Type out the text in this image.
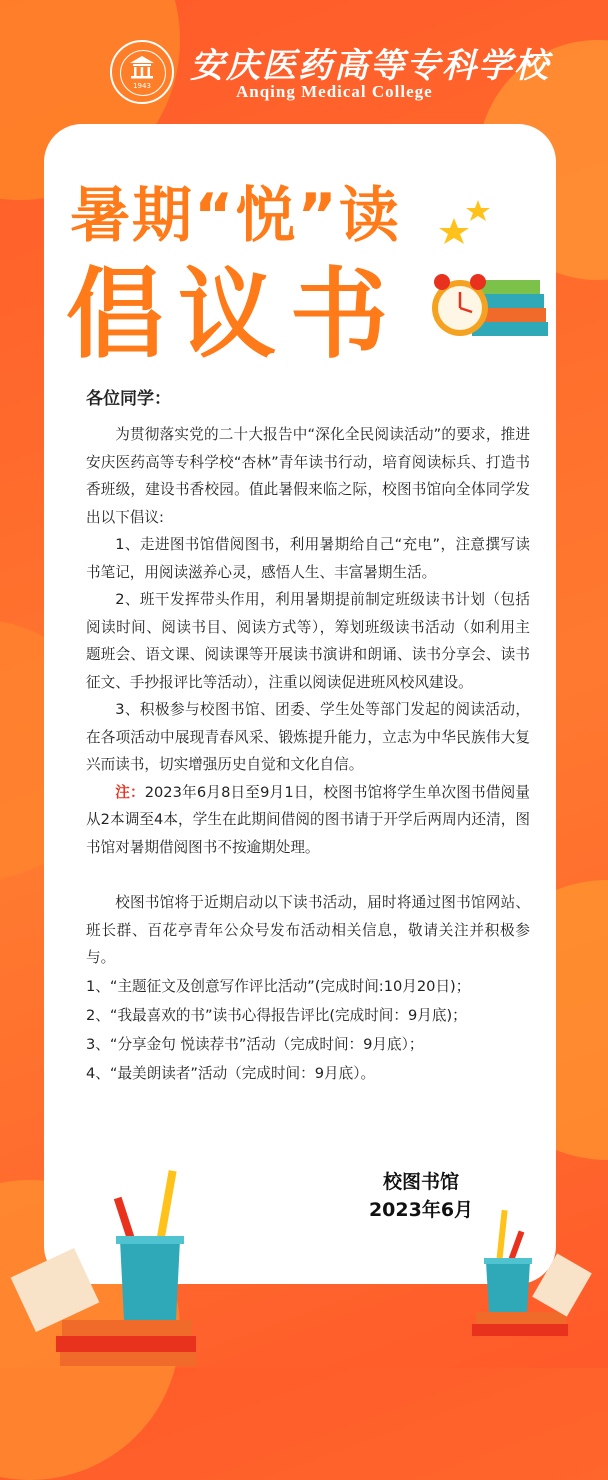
1943	安庆医药高等专科学校
Anqing Medical College
暑期“悦”读
倡议书

各位同学：

为贯彻落实党的二十大报告中“深化全民阅读活动”的要求，推进安庆医药高等专科学校“杏林”青年读书行动，培育阅读标兵、打造书香班级，建设书香校园。值此暑假来临之际，校图书馆向全体同学发出以下倡议:

1、走进图书馆借阅图书，利用暑期给自己“充电”，注意撰写读书笔记，用阅读滋养心灵，感悟人生、丰富暑期生活。

2、班干发挥带头作用，利用暑期提前制定班级读书计划（包括阅读时间、阅读书目、阅读方式等），筹划班级读书活动（如利用主题班会、语文课、阅读课等开展读书演讲和朗诵、读书分享会、读书征文、手抄报评比等活动），注重以阅读促进班风校风建设。

3、积极参与校图书馆、团委、学生处等部门发起的阅读活动，在各项活动中展现青春风采、锻炼提升能力，立志为中华民族伟大复兴而读书，切实增强历史自觉和文化自信。

注：2023年6月8日至9月1日，校图书馆将学生单次图书借阅量从2本调至4本，学生在此期间借阅的图书请于开学后两周内还清，图书馆对暑期借阅图书不按逾期处理。

校图书馆将于近期启动以下读书活动，届时将通过图书馆网站、班长群、百花亭青年公众号发布活动相关信息，敬请关注并积极参与。

1、“主题征文及创意写作评比活动”(完成时间:10月20日)；

2、“我最喜欢的书”读书心得报告评比(完成时间：9月底)；

3、“分享金句 悦读荐书”活动（完成时间：9月底）；

4、“最美朗读者”活动（完成时间：9月底）。

校图书馆
2023年6月
